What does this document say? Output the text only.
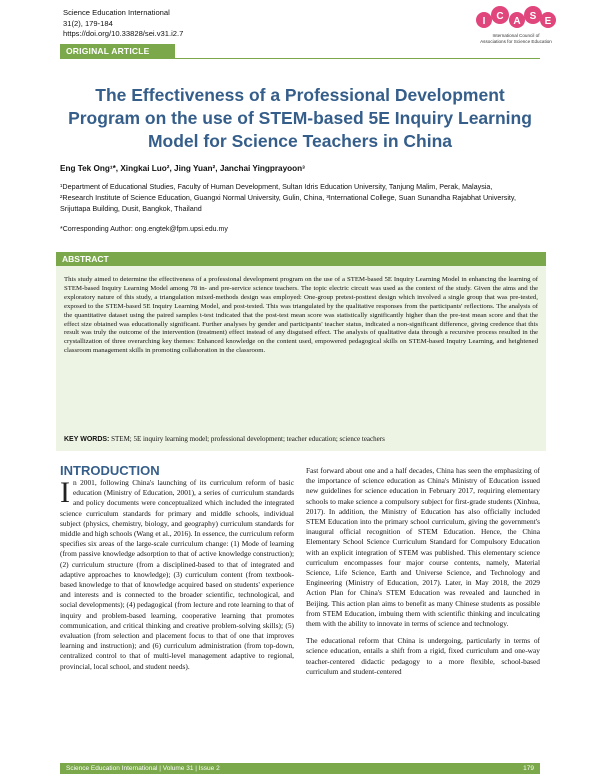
Science Education International
31(2), 179-184
https://doi.org/10.33828/sei.v31.i2.7
I C A S E
International Council of
Associations for Science Education
ORIGINAL ARTICLE
The Effectiveness of a Professional Development Program on the use of STEM-based 5E Inquiry Learning Model for Science Teachers in China
Eng Tek Ong¹*, Xingkai Luo², Jing Yuan², Janchai Yingprayoon³
¹Department of Educational Studies, Faculty of Human Development, Sultan Idris Education University, Tanjung Malim, Perak, Malaysia,
²Research Institute of Science Education, Guangxi Normal University, Gulin, China, ³International College, Suan Sunandha Rajabhat University,
Srijuttapa Building, Dusit, Bangkok, Thailand
*Corresponding Author: ong.engtek@fpm.upsi.edu.my
ABSTRACT
This study aimed to determine the effectiveness of a professional development program on the use of a STEM-based 5E Inquiry Learning Model in enhancing the learning of STEM-based Inquiry Learning Model among 78 in- and pre-service science teachers. The topic electric circuit was used as the context of the study. Given the aims and the exploratory nature of this study, a triangulation mixed-methods design was employed: One-group pretest-posttest design which involved a single group that was pre-tested, exposed to the STEM-based 5E Inquiry Learning Model, and post-tested. This was triangulated by the qualitative responses from the participants' reflections. The analysis of the quantitative dataset using the paired samples t-test indicated that the post-test mean score was statistically significantly higher than the pre-test mean score and that the effect size obtained was educationally significant. Further analyses by gender and participants' teacher status, indicated a non-significant difference, giving credence that this result was truly the outcome of the intervention (treatment) effect instead of any disguised effect. The analysis of qualitative data through a recursive process resulted in the crystallization of three overarching key themes: Enhanced knowledge on the content used, empowered pedagogical skills on STEM-based Inquiry Learning, and heightened classroom management skills in promoting collaboration in the classroom.
KEY WORDS: STEM; 5E inquiry learning model; professional development; teacher education; science teachers
INTRODUCTION

In 2001, following China's launching of its curriculum reform of basic education (Ministry of Education, 2001), a series of curriculum standards and policy documents were conceptualized which included the integrated science curriculum standards for primary and middle schools, individual subject (physics, chemistry, biology, and geography) curriculum standards for middle and high schools (Wang et al., 2016). In essence, the curriculum reform specifies six areas of the large-scale curriculum change: (1) Mode of learning (from passive knowledge adsorption to that of active knowledge construction); (2) curriculum structure (from a disciplined-based to that of integrated and adaptive approaches to knowledge); (3) curriculum content (from textbook-based knowledge to that of knowledge acquired based on students' experience and interests and is connected to the broader scientific, technological, and social developments); (4) pedagogical (from lecture and rote learning to that of inquiry and problem-based learning, cooperative learning that promotes communication, and critical thinking and creative problem-solving skills); (5) evaluation (from selection and placement focus to that of one that improves learning and instruction); and (6) curriculum administration (from top-down, centralized control to that of multi-level management adaptive to regional, provincial, local school, and student needs).

Fast forward about one and a half decades, China has seen the emphasizing of the importance of science education as China's Ministry of Education issued new guidelines for science education in February 2017, requiring elementary schools to make science a compulsory subject for first-grade students (Xinhua, 2017). In addition, the Ministry of Education has also officially included STEM Education into the primary school curriculum, giving the government's inaugural official recognition of STEM Education. Hence, the China Elementary School Science Curriculum Standard for Compulsory Education with an explicit integration of STEM was published. This elementary science curriculum encompasses four major course contents, namely, Material Science, Life Science, Earth and Universe Science, and Technology and Engineering (Ministry of Education, 2017). Later, in May 2018, the 2029 Action Plan for China's STEM Education was revealed and launched in Beijing. This action plan aims to benefit as many Chinese students as possible from STEM Education, imbuing them with scientific thinking and inculcating them with the ability to innovate in terms of science and technology.

The educational reform that China is undergoing, particularly in terms of science education, entails a shift from a rigid, fixed curriculum and one-way teacher-centered didactic pedagogy to a more flexible, school-based curriculum and student-centered

Science Education International | Volume 31 | Issue 2	179
